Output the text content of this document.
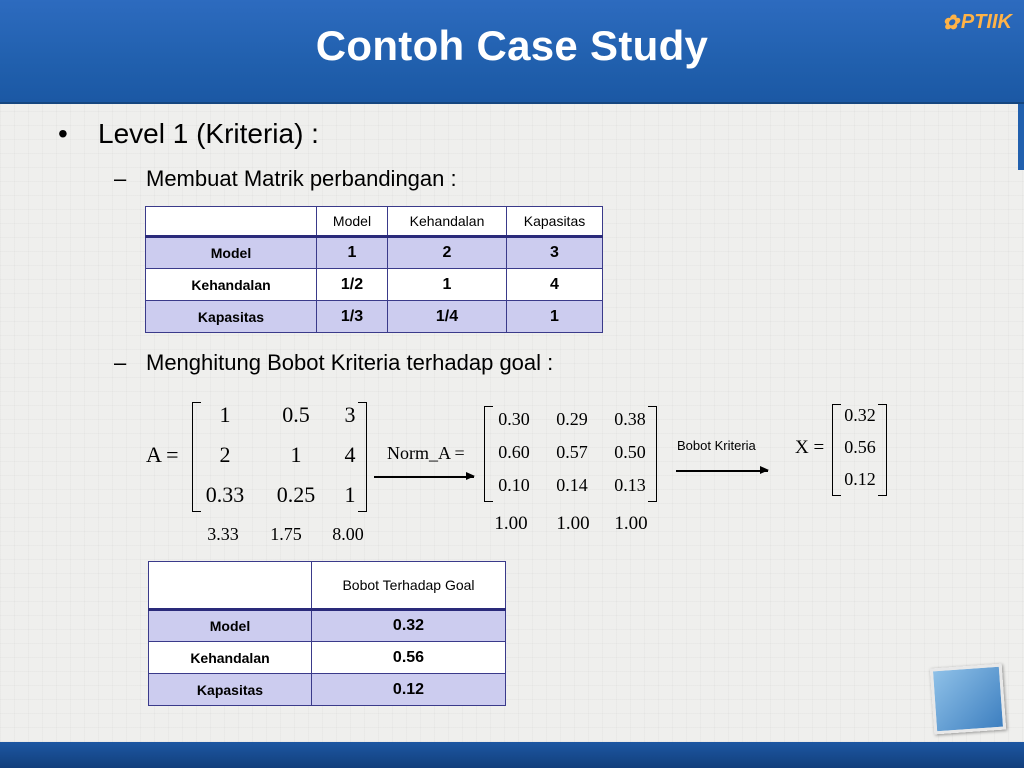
Contoh Case Study	✿ PTIIK
• Level 1 (Kriteria) :
– Membuat Matrik perbandingan :
	Model	Kehandalan	Kapasitas
Model	1	2	3
Kehandalan	1/2	1	4
Kapasitas	1/3	1/4	1
– Menghitung Bobot Kriteria terhadap goal :
A =
1	0.5	3
2	1	4
0.33	0.25	1
3.33	1.75	8.00
Norm_A =
0.30	0.29	0.38
0.60	0.57	0.50
0.10	0.14	0.13
1.00	1.00	1.00
Bobot Kriteria X =
0.32
0.56
0.12
	Bobot Terhadap Goal
Model	0.32
Kehandalan	0.56
Kapasitas	0.12
